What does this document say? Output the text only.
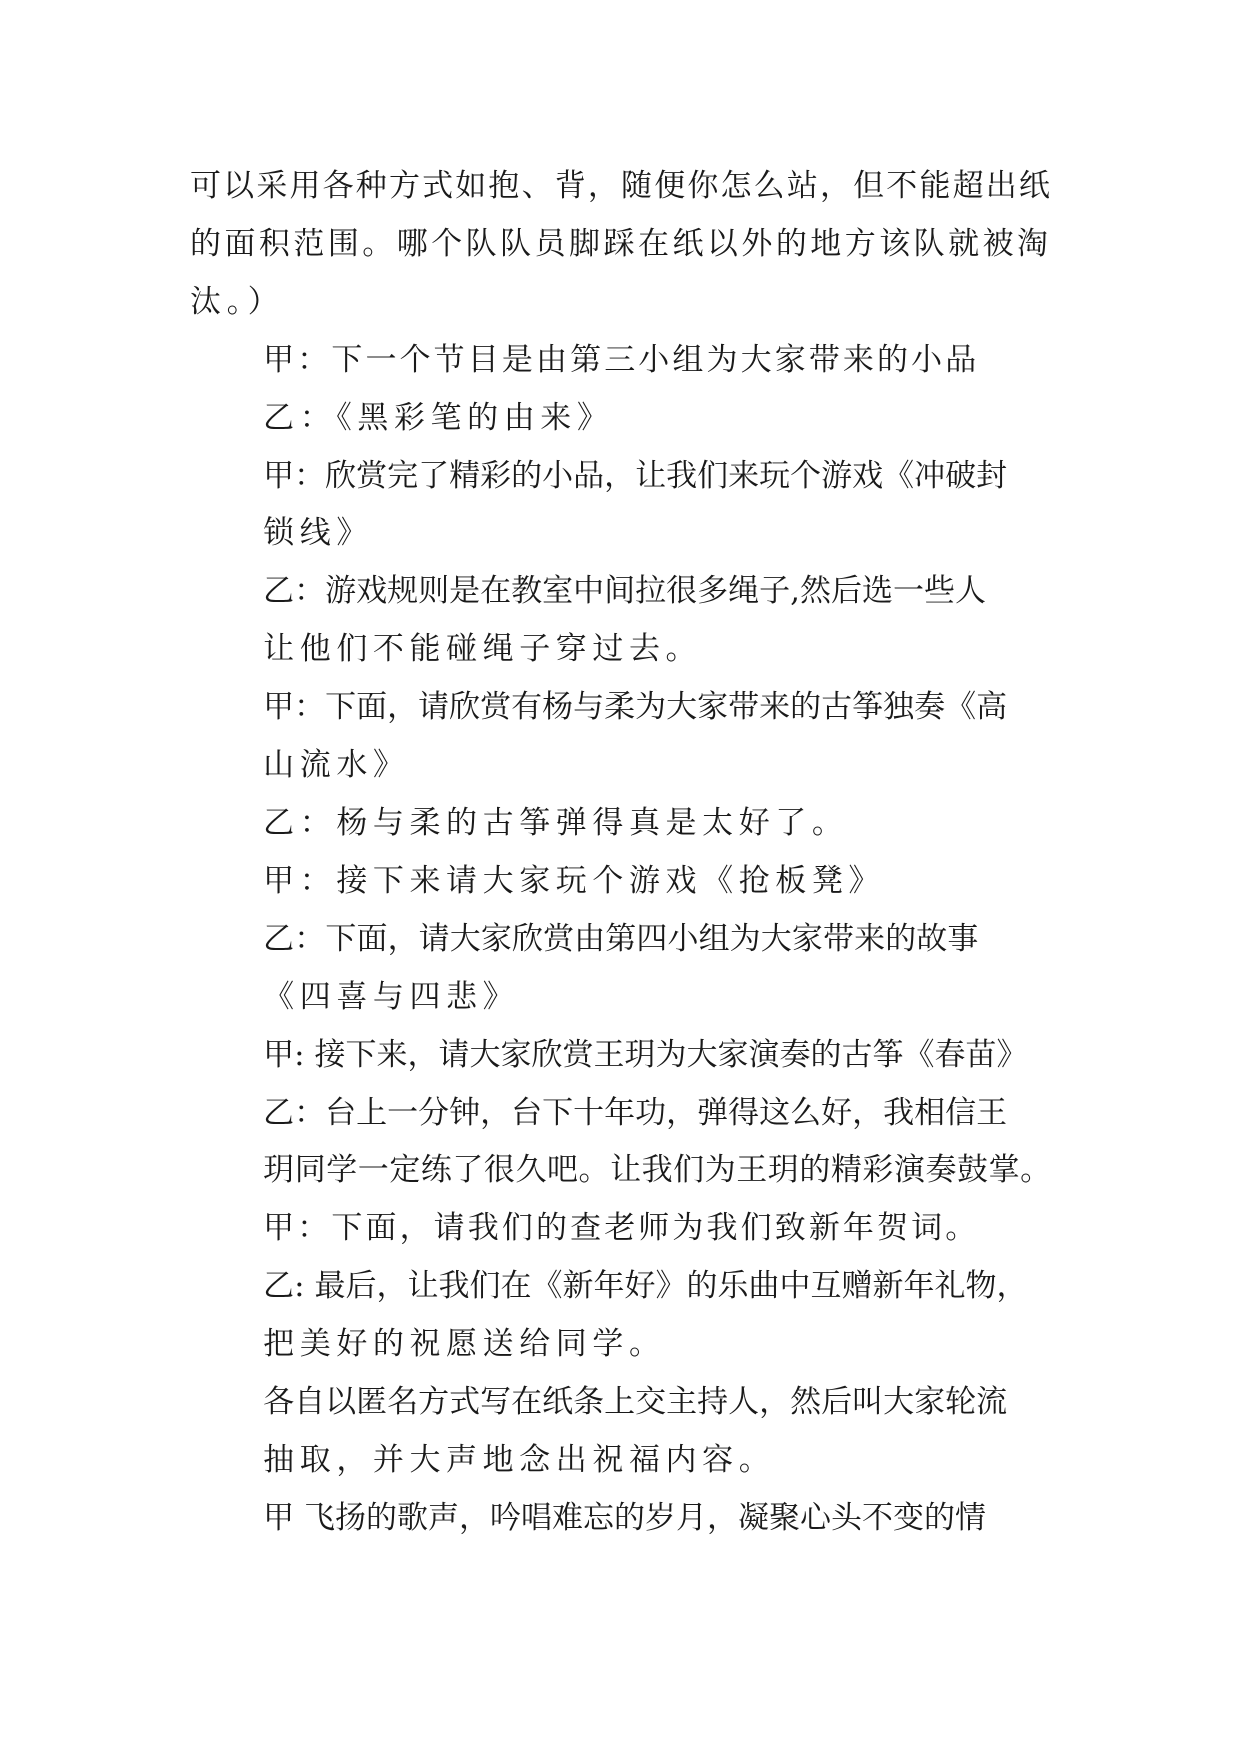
可以采用各种方式如抱、背，随便你怎么站，但不能超出纸
的面积范围。哪个队队员脚踩在纸以外的地方该队就被淘
汰。）

甲：下一个节目是由第三小组为大家带来的小品

乙：《黑彩笔的由来》

甲：欣赏完了精彩的小品，让我们来玩个游戏《冲破封
锁线》

乙：游戏规则是在教室中间拉很多绳子,然后选一些人
让他们不能碰绳子穿过去。

甲：下面，请欣赏有杨与柔为大家带来的古筝独奏《高
山流水》

乙：杨与柔的古筝弹得真是太好了。

甲：接下来请大家玩个游戏《抢板凳》

乙：下面，请大家欣赏由第四小组为大家带来的故事
《四喜与四悲》

甲: 接下来，请大家欣赏王玥为大家演奏的古筝《春苗》

乙：台上一分钟，台下十年功，弹得这么好，我相信王
玥同学一定练了很久吧。让我们为王玥的精彩演奏鼓掌。

甲：下面，请我们的查老师为我们致新年贺词。

乙: 最后，让我们在《新年好》的乐曲中互赠新年礼物，
把美好的祝愿送给同学。

各自以匿名方式写在纸条上交主持人，然后叫大家轮流
抽取，并大声地念出祝福内容。

甲 飞扬的歌声，吟唱难忘的岁月，凝聚心头不变的情
